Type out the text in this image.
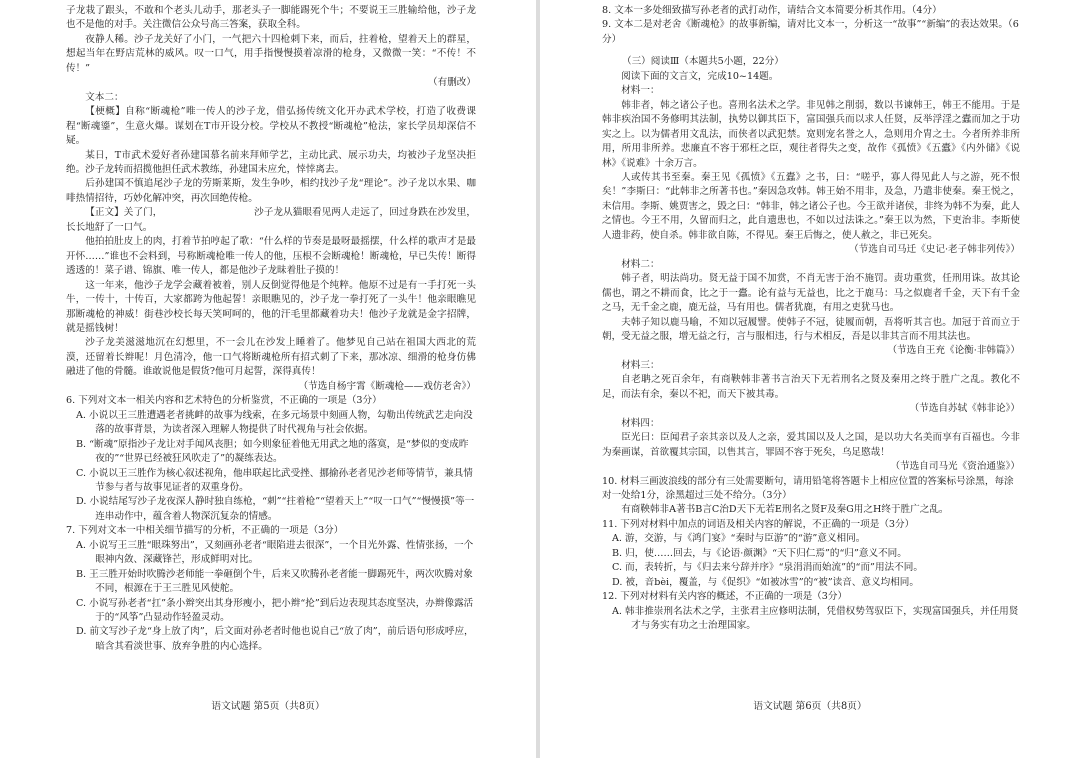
子龙栽了跟头，不敢和个老头儿动手，那老头子一脚能踢死个牛；不要说王三胜输给他，沙子龙也不是他的对手。关注微信公众号高三答案，获取全科。

夜静人稀。沙子龙关好了小门，一气把六十四枪刺下来，而后，拄着枪，望着天上的群星，想起当年在野店荒林的威风。叹一口气，用手指慢慢摸着凉滑的枪身，又微微一笑：“不传！不传！”

（有删改）

文本二：

【梗概】自称“断魂枪”唯一传人的沙子龙，借弘扬传统文化开办武术学校，打造了收费课程“断魂鎏”，生意火爆。谋划在T市开设分校。学校从不教授“断魂枪”枪法，家长学员却深信不疑。

某日，T市武术爱好者孙建国慕名前来拜师学艺，主动比武、展示功夫，均被沙子龙坚决拒绝。沙子龙转而招揽他担任武术教练，孙建国未应允，悻悻离去。

后孙建国不慎追尾沙子龙的劳斯莱斯，发生争吵，相约找沙子龙“理论”。沙子龙以水果、咖啡热情招待，巧妙化解冲突，再次回绝传枪。

【正文】关了门，　　　　　　　　　　沙子龙从猫眼看见两人走远了，回过身跌在沙发里，长长地舒了一口气。

他拍拍肚皮上的肉，打着节拍哼起了歌：“什么样的节奏是最呀最摇摆，什么样的歌声才是最开怀……”谁也不会料到，号称断魂枪唯一传人的他，压根不会断魂枪！断魂枪，早已失传！断得透透的！菜子谱、锦旗、唯一传人，都是他沙子龙昧着肚子摸的！

这一年来，他沙子龙学会藏着被着，别人反倒觉得他是个纯粹。他原不过是有一手打死一头牛，一传十，十传百，大家都跨为他起誓！亲眼瞧见的，沙子龙一拳打死了一头牛！他亲眼瞧见那断魂枪的神威！街巷沙校长每天笑呵呵的，他的汗毛里都藏着功夫！他沙子龙就是金字招牌，就是摇钱树！

沙子龙美滋滋地沉在幻想里，不一会儿在沙发上睡着了。他梦见自己站在祖国大西北的荒漠，还留着长辫呢！月色清冷，他一口气将断魂枪所有招式刺了下来，那冰凉、细滑的枪身仿佛融进了他的骨髓。谁敢说他是假货?他可月起誓，深得真传！

（节选自杨宇霄《断魂枪——戏仿老舍》）

6. 下列对文本一相关内容和艺术特色的分析鉴赏，不正确的一项是（3分）

A. 小说以王三胜遭遇老者挑衅的故事为线索，在多元场景中刻画人物，勾勒出传统武艺走向没落的故事背景，为读者深入理解人物提供了时代视角与社会依据。

B. “断魂”原指沙子龙让对手闻风丧胆；如今则象征着他无用武之地的落寞，是“梦似的变成昨夜的”“世界已经被狂风吹走了”的凝练表达。

C. 小说以王三胜作为核心叙述视角，他串联起比武受挫、挪揄孙老者见沙老师等情节，兼具情节参与者与故事见证者的双重身份。

D. 小说结尾写沙子龙夜深人静时独自练枪，“刺”“拄着枪”“望着天上”“叹一口气”“慢慢摸”等一连串动作中，蕴含着人物深沉复杂的情感。

7. 下列对文本一中相关细节描写的分析，不正确的一项是（3分）

A. 小说写王三胜“眼珠努出”，又刻画孙老者“眼陷进去很深”，一个目光外露、性情张扬，一个眼神内敛、深藏锋芒，形成鲜明对比。

B. 王三胜开始时吹腾沙老师能一拳砸倒个牛，后来又吹腾孙老者能一脚踢死牛，两次吹腾对象不同，根源在于王三胜见风使舵。

C. 小说写孙老者“扛”条小辫突出其身形瘦小，把小辫“抡”到后边表现其态度坚决，办辫像露活于的“风筝”凸显动作轻盈灵动。

D. 前文写沙子龙“身上放了肉”，后文面对孙老者时他也说自己“放了肉”，前后语句形成呼应，暗含其看淡世事、放弃争胜的内心选择。

语文试题 第5页（共8页）

8. 文本一多处细致描写孙老者的武打动作，请结合文本简要分析其作用。（4分）

9. 文本二是对老舍《断魂枪》的故事新编，请对比文本一，分析这一“故事”“新编”的表达效果。（6分）

（三）阅读Ⅲ（本题共5小题，22分）

阅读下面的文言文，完成10~14题。

材料一：

韩非者，韩之诸公子也。喜刑名法术之学。非见韩之削弱，数以书谏韩王，韩王不能用。于是韩非疾治国不务修明其法制，执势以御其臣下，富国强兵而以求人任贤，反举浮淫之蠹而加之于功实之上。以为儒者用文乱法，而侠者以武犯禁。宽则宠名誉之人，急则用介胄之士。今者所养非所用，所用非所养。悲廉直不容于邪枉之臣，观往者得失之变，故作《孤愤》《五蠹》《内外储》《说林》《说难》十余万言。

人或传其书至秦。秦王见《孤愤》《五蠹》之书，曰：“嗟乎，寡人得见此人与之游，死不恨矣！”李斯曰：“此韩非之所著书也。”秦因急攻韩。韩王始不用非，及急，乃遣非使秦。秦王悦之，未信用。李斯、姚贾害之，毁之曰：“韩非，韩之诸公子也。今王欲并诸侯，非终为韩不为秦，此人之情也。今王不用，久留而归之，此自遗患也，不如以过法诛之。”秦王以为然，下吏治非。李斯使人遗非药，使自杀。韩非欲自陈，不得见。秦王后悔之，使人赦之，非已死矣。

（节选自司马迁《史记·老子韩非列传》）

材料二：

韩子者，明法尚功。贤无益于国不加赏，不肖无害于治不施罚。责功重赏，任刑用诛。故其论儒也，谓之不耕而食，比之于一蠹。论有益与无益也，比之于鹿马：马之似鹿者千金，天下有千金之马，无千金之鹿，鹿无益，马有用也。儒者犹鹿，有用之吏犹马也。

夫韩子知以鹿马喻，不知以冠履譬。使韩子不冠，徒履而朝，吾将听其言也。加冠于首而立于朝，受无益之服，增无益之行，言与服相违，行与术相反，吾是以非其言而不用其法也。

（节选自王充《论衡·非韩篇》）

材料三：

自老聃之死百余年，有商鞅韩非著书言治天下无若刑名之贤及秦用之终于胜广之乱。教化不足，而法有余，秦以不祀，而天下被其毒。

（节选自苏轼《韩非论》）

材料四：

臣光曰：臣闻君子亲其亲以及人之亲，爱其国以及人之国，是以功大名美而享有百福也。今非为秦画谋，首欲覆其宗国，以售其言，罪固不容于死矣，乌足愍哉！

（节选自司马光《资治通鉴》）

10. 材料三画波浪线的部分有三处需要断句，请用铅笔将答题卡上相应位置的答案标号涂黑，每涂对一处给1分，涂黑超过三处不给分。（3分）

有商鞅韩非A著书B言C治D天下无若E刑名之贤F及秦G用之H终于胜广之乱。

11. 下列对材料中加点的词语及相关内容的解说，不正确的一项是（3分）

A. 游，交游，与《鸿门宴》“秦时与臣游”的“游”意义相同。

B. 归，使……回去，与《论语·颜渊》“天下归仁焉”的“归”意义不同。

C. 而，表转折，与《归去来兮辞并序》“泉涓涓而始流”的“而”用法不同。

D. 被，音bèi，覆盖，与《促织》“如被冰雪”的“被”读音、意义均相同。

12. 下列对材料有关内容的概述，不正确的一项是（3分）

A. 韩非推崇刑名法术之学，主张君主应修明法制，凭借权势驾驭臣下，实现富国强兵，并任用贤才与务实有功之士治理国家。

语文试题 第6页（共8页）
